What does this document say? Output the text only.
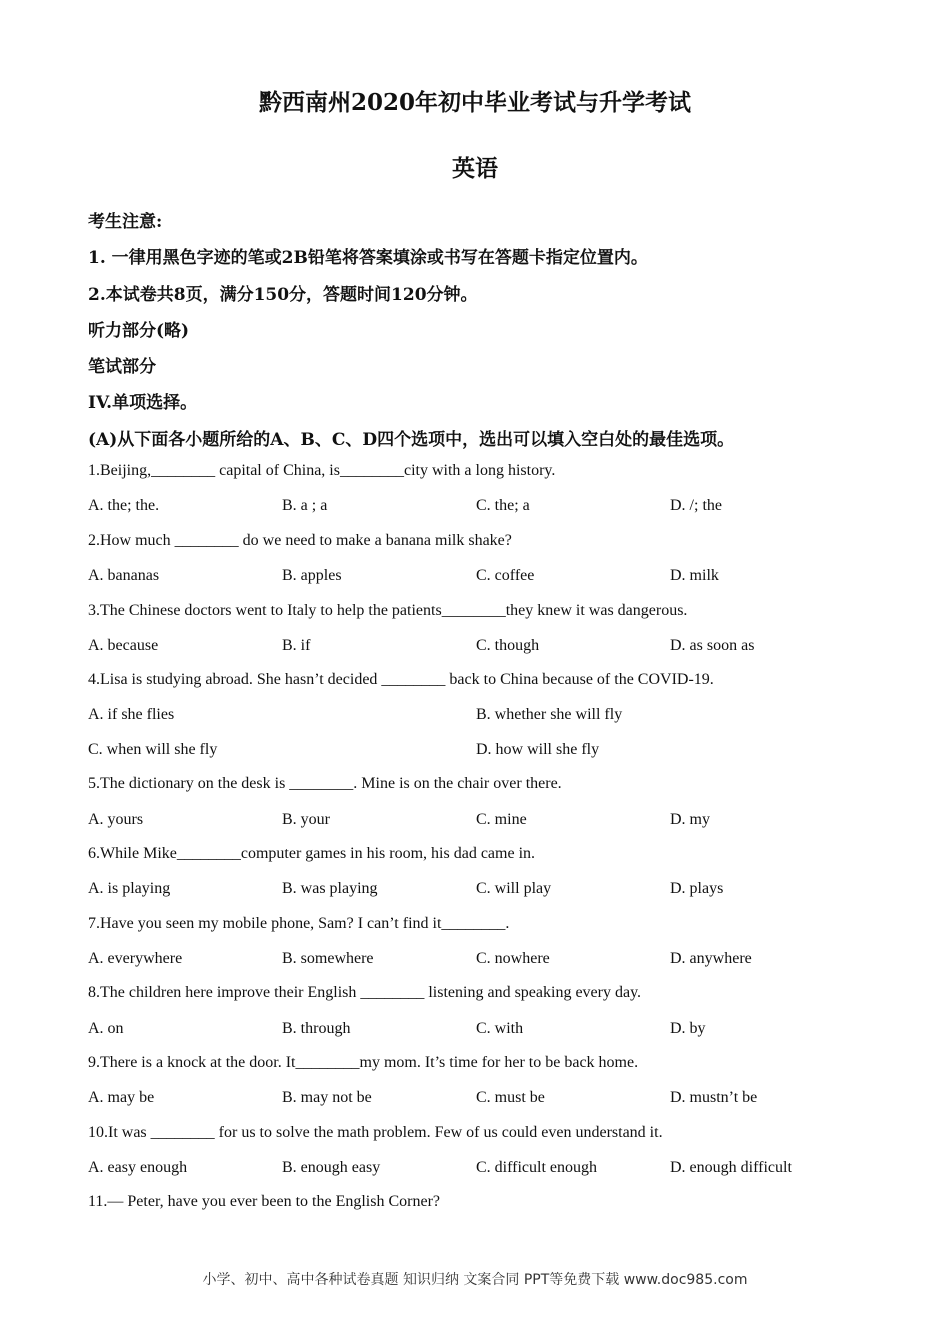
黔西南州2020年初中毕业考试与升学考试
英语
考生注意:
1. 一律用黑色字迹的笔或2B铅笔将答案填涂或书写在答题卡指定位置内。
2.本试卷共8页，满分150分，答题时间120分钟。
听力部分(略)
笔试部分
IV.单项选择。
(A)从下面各小题所给的A、B、C、D四个选项中，选出可以填入空白处的最佳选项。
1.Beijing,________ capital of China, is________city with a long history.
A. the; the.	B. a ; a	C. the; a	D. /; the
2.How much ________ do we need to make a banana milk shake?
A. bananas	B. apples	C. coffee	D. milk
3.The Chinese doctors went to Italy to help the patients________they knew it was dangerous.
A. because	B. if	C. though	D. as soon as
4.Lisa is studying abroad. She hasn’t decided ________ back to China because of the COVID-19.
A. if she flies	B. whether she will fly
C. when will she fly	D. how will she fly
5.The dictionary on the desk is ________. Mine is on the chair over there.
A. yours	B. your	C. mine	D. my
6.While Mike________computer games in his room, his dad came in.
A. is playing	B. was playing	C. will play	D. plays
7.Have you seen my mobile phone, Sam? I can’t find it________.
A. everywhere	B. somewhere	C. nowhere	D. anywhere
8.The children here improve their English ________ listening and speaking every day.
A. on	B. through	C. with	D. by
9.There is a knock at the door. It________my mom. It’s time for her to be back home.
A. may be	B. may not be	C. must be	D. mustn’t be
10.It was ________ for us to solve the math problem. Few of us could even understand it.
A. easy enough	B. enough easy	C. difficult enough	D. enough difficult
11.— Peter, have you ever been to the English Corner?
小学、初中、高中各种试卷真题 知识归纳 文案合同 PPT等免费下载 www.doc985.com
